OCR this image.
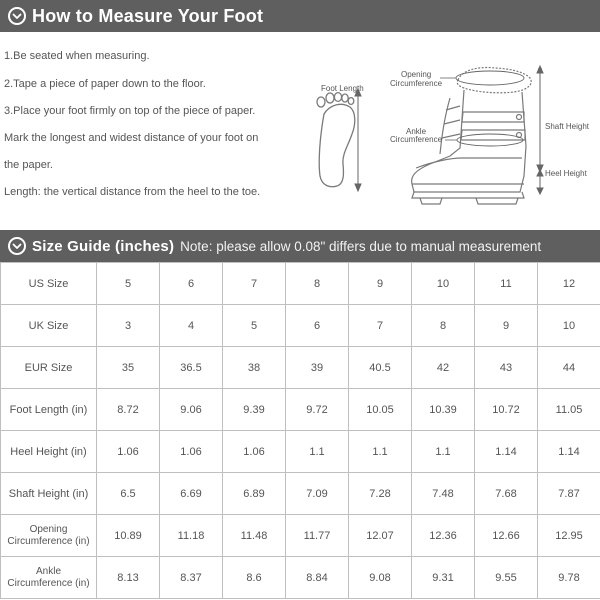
How to Measure Your Foot
1.Be seated when measuring.
2.Tape a piece of paper down to the floor.
3.Place your foot firmly on top of the piece of paper.
Mark the longest and widest distance of your foot on
the paper.
Length: the vertical distance from the heel to the toe.
Foot Length
Opening
Circumference
Ankle
Circumference
Shaft Height
Heel Height
Size Guide (inches) Note: please allow 0.08" differs due to manual measurement
US Size	5	6	7	8	9	10	11	12

UK Size	3	4	5	6	7	8	9	10

EUR Size	35	36.5	38	39	40.5	42	43	44

Foot Length (in)	8.72	9.06	9.39	9.72	10.05	10.39	10.72	11.05

Heel Height (in)	1.06	1.06	1.06	1.1	1.1	1.1	1.14	1.14

Shaft Height (in)	6.5	6.69	6.89	7.09	7.28	7.48	7.68	7.87

Opening
Circumference (in)	10.89	11.18	11.48	11.77	12.07	12.36	12.66	12.95

Ankle
Circumference (in)	8.13	8.37	8.6	8.84	9.08	9.31	9.55	9.78
